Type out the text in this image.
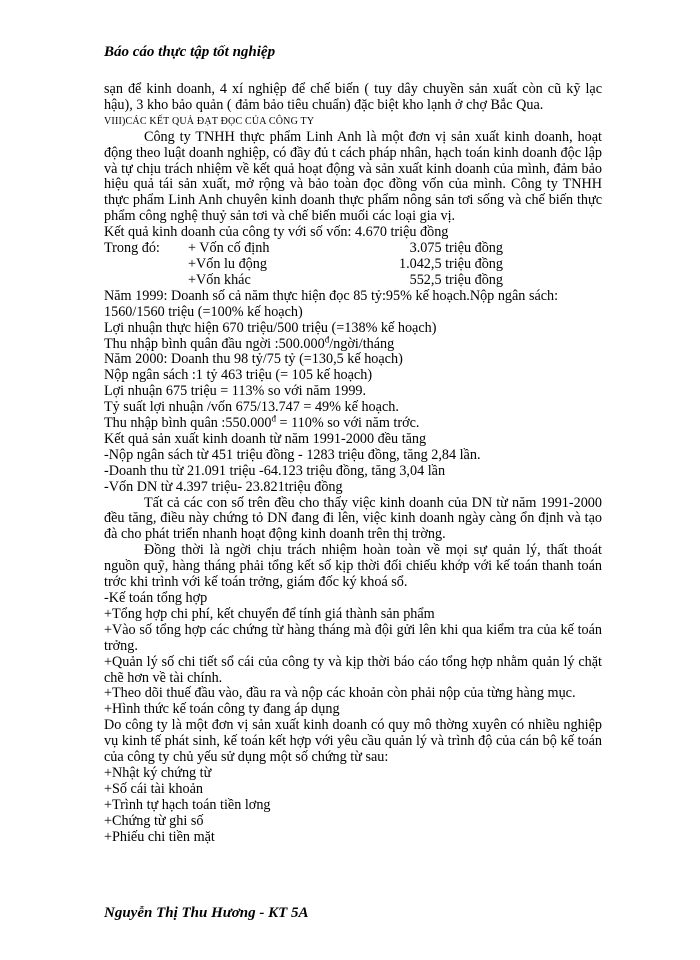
Báo cáo thực tập tốt nghiệp

sạn để kinh doanh, 4 xí nghiệp để chế biến ( tuy dây chuyền sản xuất còn cũ kỹ lạc hậu), 3 kho bảo quản ( đảm bảo tiêu chuẩn) đặc biệt kho lạnh ở chợ Bắc Qua.

VIII)CÁC KẾT QUẢ ĐẠT ĐỌC CỦA CÔNG TY

Công ty TNHH thực phẩm Linh Anh là một đơn vị sản xuất kinh doanh, hoạt động theo luật doanh nghiệp, có đầy đủ t cách pháp nhân, hạch toán kinh doanh độc lập và tự chịu trách nhiệm về kết quả hoạt động và sản xuất kinh doanh của mình, đảm bảo hiệu quả tái sản xuất, mở rộng và bảo toàn đọc đồng vốn của mình. Công ty TNHH thực phẩm Linh Anh chuyên kinh doanh thực phẩm nông sản tơi sống và chế biến thực phẩm công nghệ thuỷ sản tơi và chế biến muối các loại gia vị.

Kết quả kinh doanh của công ty với số vốn: 4.670 triệu đồng

Trong đó:	+ Vốn cố định	3.075 triệu đồng
+Vốn lu động	1.042,5 triệu đồng
+Vốn khác	552,5 triệu đồng

Năm 1999: Doanh số cả năm thực hiện đọc 85 tỷ:95% kế hoạch.Nộp ngân sách: 1560/1560 triệu (=100% kế hoạch)

Lợi nhuận thực hiện 670 triệu/500 triệu (=138% kế hoạch)

Thu nhập bình quân đầu ngời $:500.000^đ/ngời$/tháng

Năm 2000: Doanh thu 98 tỷ/75 tỷ (=130,5 kế hoạch)

Nộp ngân sách :1 tỷ 463 triệu (= 105 kế hoạch)

Lợi nhuận 675 triệu = 113% so với năm 1999.

Tỷ suất lợi nhuận /vốn 675/13.747 = 49% kế hoạch.

Thu nhập bình quân $:550.000^đ = 110\%$ so với năm trớc.

Kết quả sản xuất kinh doanh từ năm 1991-2000 đều tăng

-Nộp ngân sách từ 451 triệu đồng - 1283 triệu đồng, tăng 2,84 lần.

-Doanh thu từ 21.091 triệu -64.123 triệu đồng, tăng 3,04 lần

-Vốn DN từ 4.397 triệu- 23.821triệu đồng

Tất cả các con số trên đều cho thấy việc kinh doanh của DN từ năm 1991-2000 đều tăng, điều này chứng tỏ DN đang đi lên, việc kinh doanh ngày càng ổn định và tạo đà cho phát triển nhanh hoạt động kinh doanh trên thị trờng.

Đồng thời là ngời chịu trách nhiệm hoàn toàn về mọi sự quản lý, thất thoát nguồn quỹ, hàng tháng phải tổng kết số kịp thời đối chiếu khớp với kế toán thanh toán trớc khi trình với kế toán trởng, giám đốc ký khoá sổ.

-Kế toán tổng hợp

+Tổng hợp chi phí, kết chuyển để tính giá thành sản phẩm

+Vào số tổng hợp các chứng từ hàng tháng mà đội gửi lên khi qua kiểm tra của kế toán trởng.

+Quản lý số chi tiết sổ cái của công ty và kịp thời báo cáo tổng hợp nhằm quản lý chặt chẽ hơn về tài chính.

+Theo dõi thuế đầu vào, đầu ra và nộp các khoản còn phải nộp của từng hàng mục.

+Hình thức kế toán công ty đang áp dụng

Do công ty là một đơn vị sản xuất kinh doanh có quy mô thờng xuyên có nhiều nghiệp vụ kinh tế phát sinh, kế toán kết hợp với yêu cầu quản lý và trình độ của cán bộ kế toán của công ty chủ yếu sử dụng một số chứng từ sau:

+Nhật ký chứng từ

+Số cái tài khoản

+Trình tự hạch toán tiền lơng

+Chứng từ ghi số

+Phiếu chi tiền mặt

Nguyễn Thị Thu Hương - KT 5A
